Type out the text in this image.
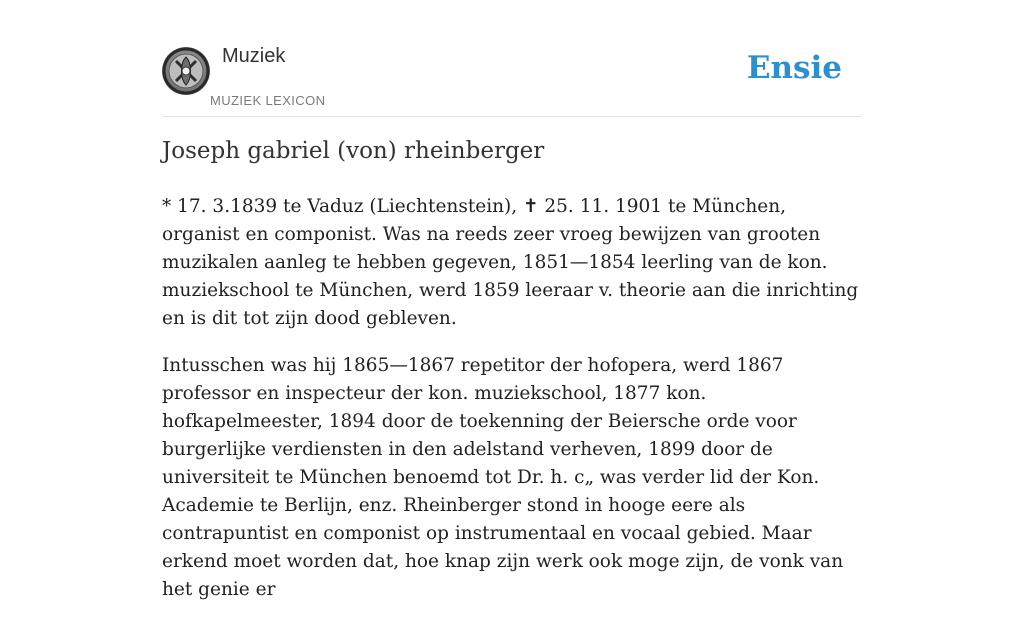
Muziek
MUZIEK LEXICON
Ensie
Joseph gabriel (von) rheinberger

* 17. 3.1839 te Vaduz (Liechtenstein), ✝ 25. 11. 1901 te München, organist en componist. Was na reeds zeer vroeg bewijzen van grooten muzikalen aanleg te hebben gegeven, 1851—1854 leerling van de kon. muziekschool te München, werd 1859 leeraar v. theorie aan die inrichting en is dit tot zijn dood gebleven.

Intusschen was hij 1865—1867 repetitor der hofopera, werd 1867 professor en inspecteur der kon. muziekschool, 1877 kon. hofkapelmeester, 1894 door de toekenning der Beiersche orde voor burgerlijke verdiensten in den adelstand verheven, 1899 door de universiteit te München benoemd tot Dr. h. c„ was verder lid der Kon. Academie te Berlijn, enz. Rheinberger stond in hooge eere als contrapuntist en componist op instrumentaal en vocaal gebied. Maar erkend moet worden dat, hoe knap zijn werk ook moge zijn, de vonk van het genie er
